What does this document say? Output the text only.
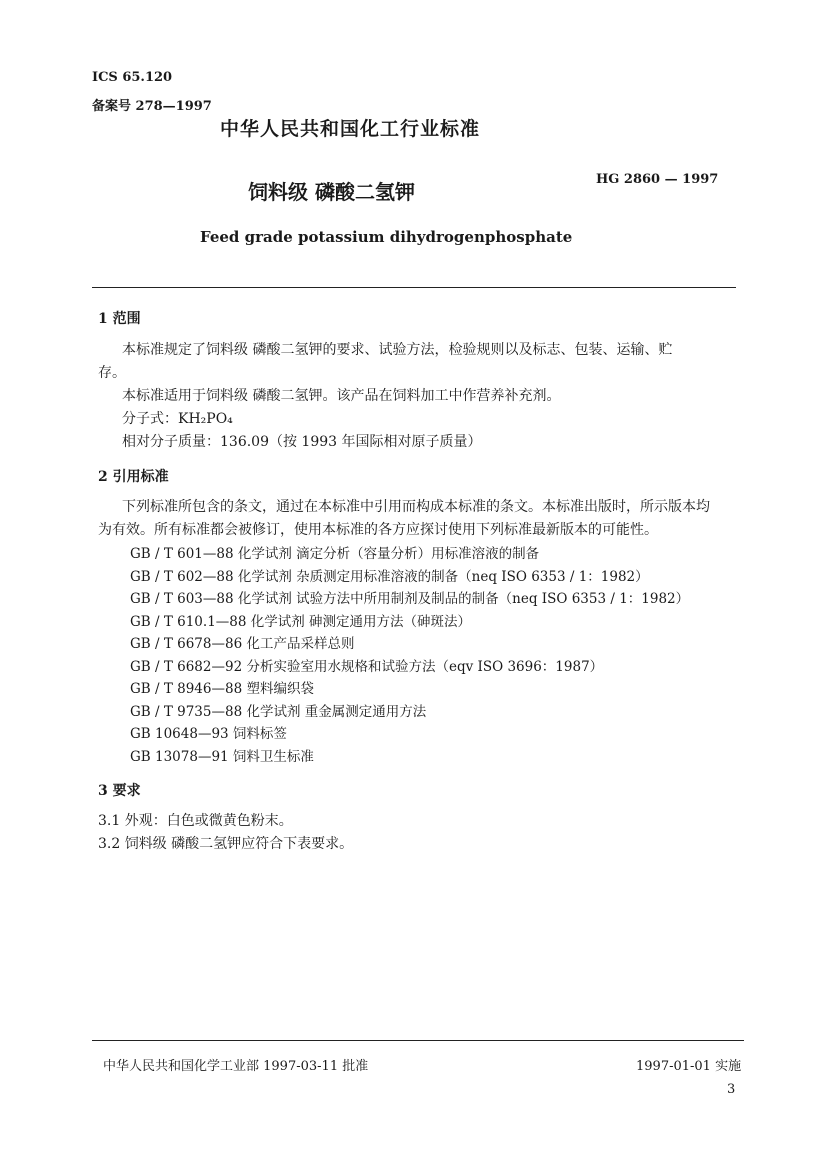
ICS 65.120
备案号 278—1997
中华人民共和国化工行业标准
饲料级 磷酸二氢钾
HG 2860 — 1997
Feed grade potassium dihydrogenphosphate
1 范围
本标准规定了饲料级 磷酸二氢钾的要求、试验方法，检验规则以及标志、包装、运输、贮
存。
本标准适用于饲料级 磷酸二氢钾。该产品在饲料加工中作营养补充剂。
分子式：KH₂PO₄
相对分子质量：136.09（按 1993 年国际相对原子质量）
2 引用标准
下列标准所包含的条文，通过在本标准中引用而构成本标准的条文。本标准出版时，所示版本均
为有效。所有标准都会被修订，使用本标准的各方应探讨使用下列标准最新版本的可能性。
GB / T 601—88 化学试剂 滴定分析（容量分析）用标准溶液的制备
GB / T 602—88 化学试剂 杂质测定用标准溶液的制备（neq ISO 6353 / 1：1982）
GB / T 603—88 化学试剂 试验方法中所用制剂及制品的制备（neq ISO 6353 / 1：1982）
GB / T 610.1—88 化学试剂 砷测定通用方法（砷斑法）
GB / T 6678—86 化工产品采样总则
GB / T 6682—92 分析实验室用水规格和试验方法（eqv ISO 3696：1987）
GB / T 8946—88 塑料编织袋
GB / T 9735—88 化学试剂 重金属测定通用方法
GB 10648—93 饲料标签
GB 13078—91 饲料卫生标准
3 要求
3.1 外观：白色或微黄色粉末。
3.2 饲料级 磷酸二氢钾应符合下表要求。
中华人民共和国化学工业部 1997-03-11 批准	1997-01-01 实施
3
